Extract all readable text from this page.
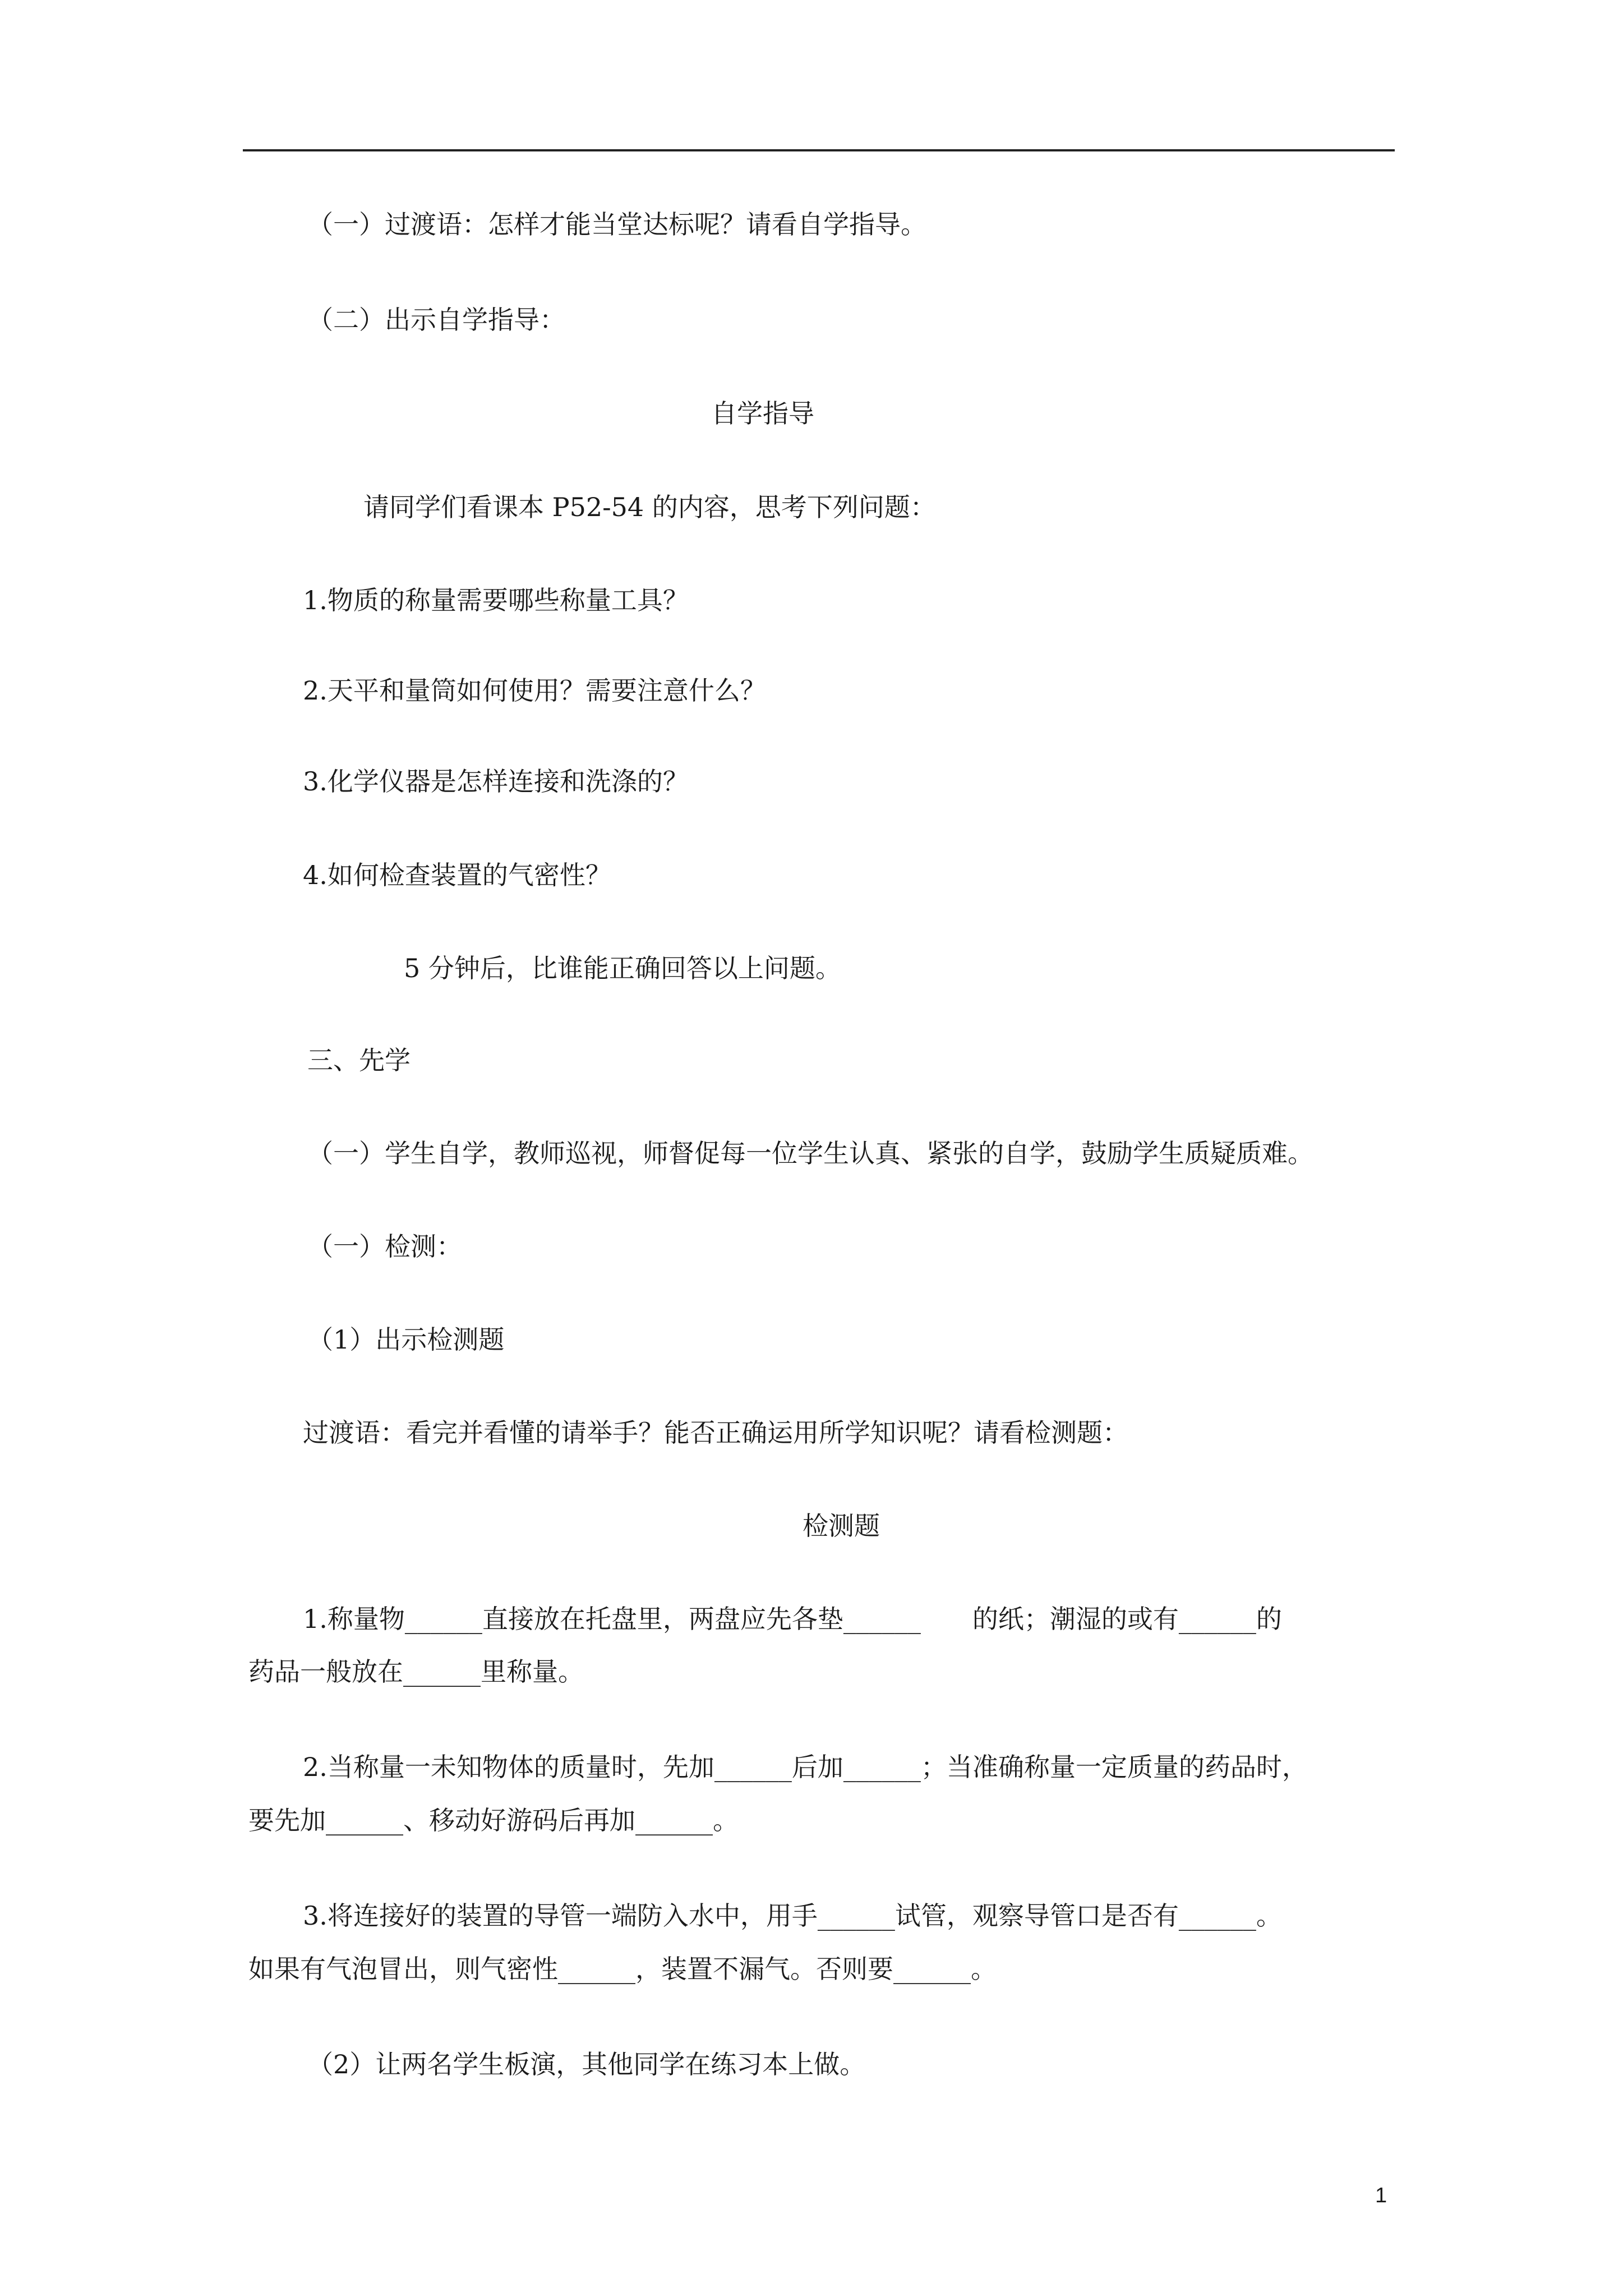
（一）过渡语：怎样才能当堂达标呢？请看自学指导。
（二）出示自学指导：
自学指导
请同学们看课本 P52-54 的内容，思考下列问题：
1.物质的称量需要哪些称量工具？
2.天平和量筒如何使用？需要注意什么？
3.化学仪器是怎样连接和洗涤的？
4.如何检查装置的气密性？
5 分钟后，比谁能正确回答以上问题。
三、先学
（一）学生自学，教师巡视，师督促每一位学生认真、紧张的自学，鼓励学生质疑质难。
（一）检测：
（1）出示检测题
过渡语：看完并看懂的请举手？能否正确运用所学知识呢？请看检测题：
检测题
1.称量物______直接放在托盘里，两盘应先各垫______　　的纸；潮湿的或有______的
药品一般放在______里称量。
2.当称量一未知物体的质量时，先加______后加______；当准确称量一定质量的药品时，
要先加______、移动好游码后再加______。
3.将连接好的装置的导管一端防入水中，用手______试管，观察导管口是否有______。
如果有气泡冒出，则气密性______，装置不漏气。否则要______。
（2）让两名学生板演，其他同学在练习本上做。
1
